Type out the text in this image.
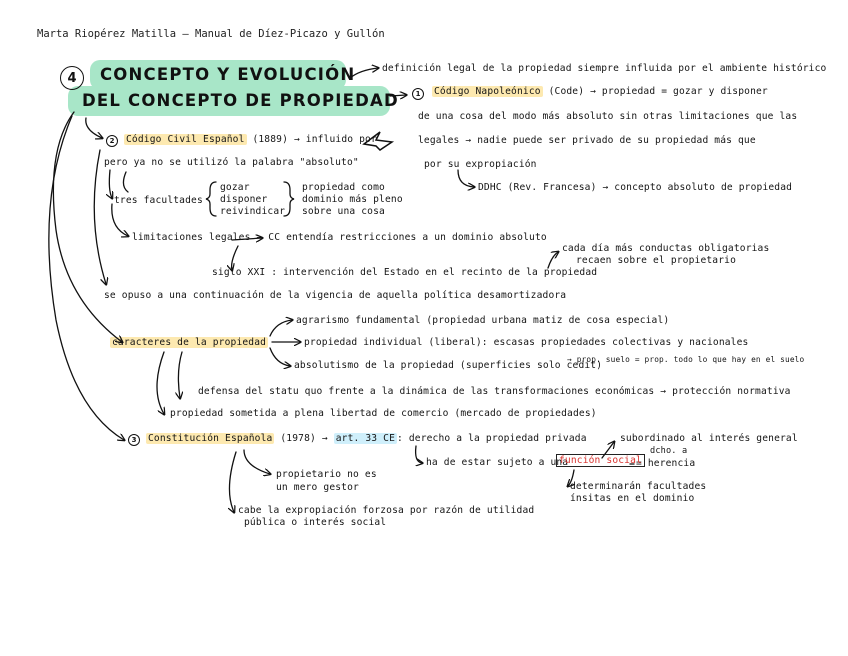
Marta Riopérez Matilla – Manual de Díez-Picazo y Gullón
4	CONCEPTO Y EVOLUCIÓN
DEL CONCEPTO DE PROPIEDAD
definición legal de la propiedad siempre influida por el ambiente histórico
1	Código Napoleónico (Code) → propiedad = gozar y disponer
de una cosa del modo más absoluto sin otras limitaciones que las
legales → nadie puede ser privado de su propiedad más que
por su expropiación
DDHC (Rev. Francesa) → concepto absoluto de propiedad
2	Código Civil Español (1889) → influido por
pero ya no se utilizó la palabra "absoluto"
tres facultades
gozar
disponer
reivindicar
propiedad como
dominio más pleno
sobre una cosa
limitaciones legales → CC entendía restricciones a un dominio absoluto
siglo XXI : intervención del Estado en el recinto de la propiedad
cada día más conductas obligatorias
recaen sobre el propietario
se opuso a una continuación de la vigencia de aquella política desamortizadora
caracteres de la propiedad
agrarismo fundamental (propiedad urbana matiz de cosa especial)
propiedad individual (liberal): escasas propiedades colectivas y nacionales
absolutismo de la propiedad (superficies solo cedit)
→ prop. suelo = prop. todo lo que hay en el suelo
defensa del statu quo frente a la dinámica de las transformaciones económicas → protección normativa
propiedad sometida a plena libertad de comercio (mercado de propiedades)
3	Constitución Española (1978) → art. 33 CE : derecho a la propiedad privada	subordinado al interés general
dcho. a
= herencia
ha de estar sujeto a una
función social
determinarán facultades
ínsitas en el dominio
propietario no es
un mero gestor
cabe la expropiación forzosa por razón de utilidad
pública o interés social
